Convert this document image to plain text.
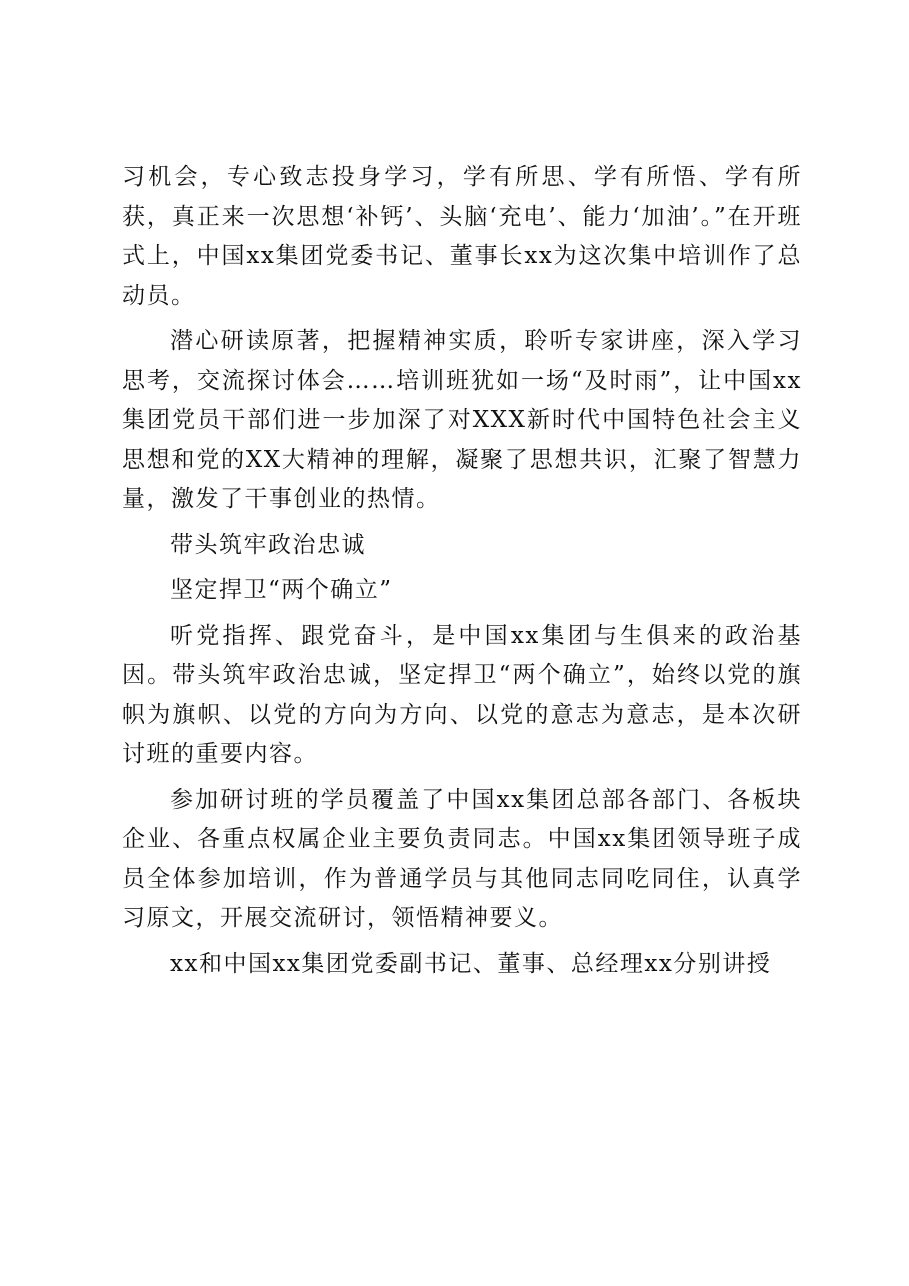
习机会，专心致志投身学习，学有所思、学有所悟、学有所获，真正来一次思想‘补钙’、头脑‘充电’、能力‘加油’。”在开班式上，中国xx集团党委书记、董事长xx为这次集中培训作了总动员。

潜心研读原著，把握精神实质，聆听专家讲座，深入学习思考，交流探讨体会……培训班犹如一场“及时雨”，让中国xx集团党员干部们进一步加深了对XXX新时代中国特色社会主义思想和党的XX大精神的理解，凝聚了思想共识，汇聚了智慧力量，激发了干事创业的热情。

带头筑牢政治忠诚

坚定捍卫“两个确立”

听党指挥、跟党奋斗，是中国xx集团与生俱来的政治基因。带头筑牢政治忠诚，坚定捍卫“两个确立”，始终以党的旗帜为旗帜、以党的方向为方向、以党的意志为意志，是本次研讨班的重要内容。

参加研讨班的学员覆盖了中国xx集团总部各部门、各板块企业、各重点权属企业主要负责同志。中国xx集团领导班子成员全体参加培训，作为普通学员与其他同志同吃同住，认真学习原文，开展交流研讨，领悟精神要义。

xx和中国xx集团党委副书记、董事、总经理xx分别讲授
